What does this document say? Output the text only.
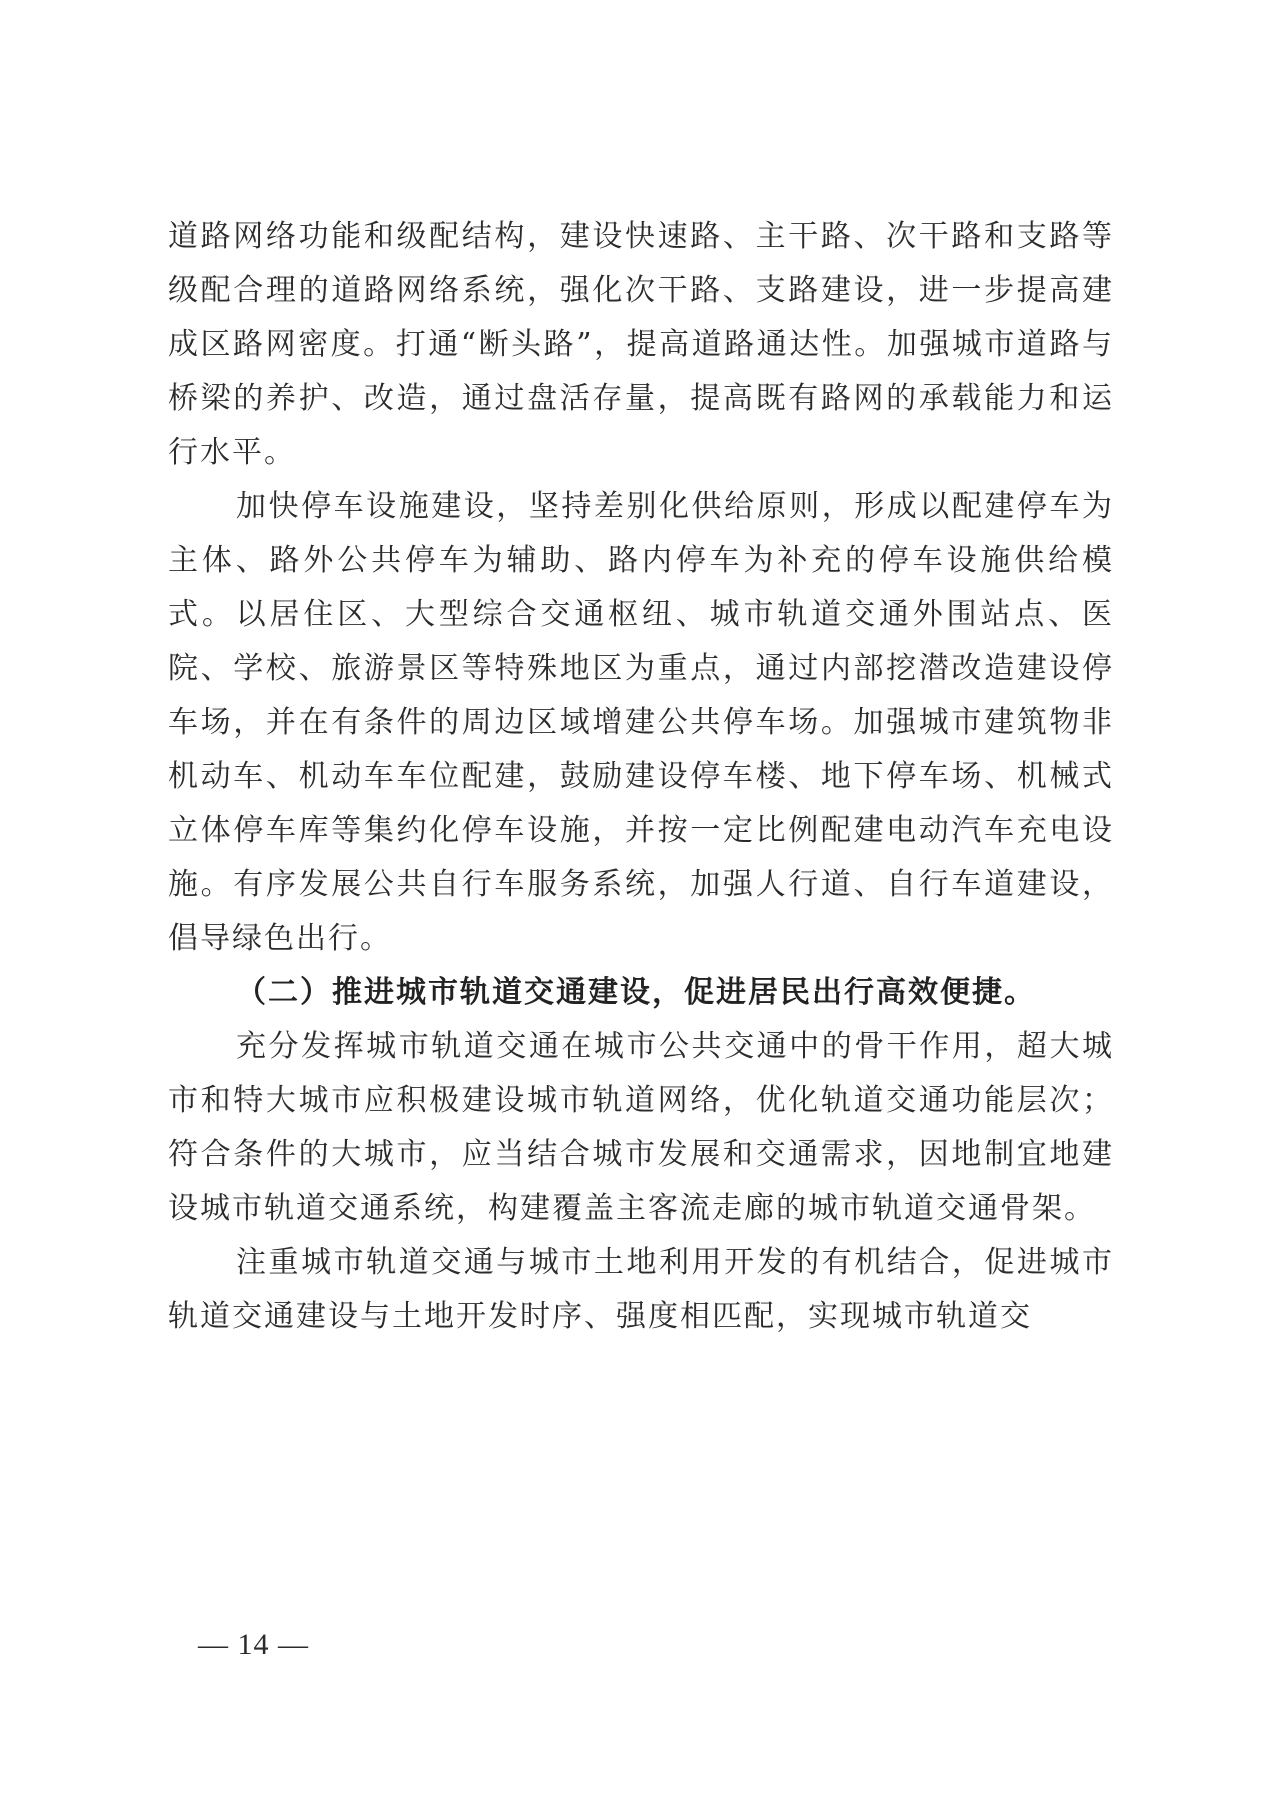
道路网络功能和级配结构，建设快速路、主干路、次干路和支路等级配合理的道路网络系统，强化次干路、支路建设，进一步提高建成区路网密度。打通“断头路”，提高道路通达性。加强城市道路与桥梁的养护、改造，通过盘活存量，提高既有路网的承载能力和运行水平。

加快停车设施建设，坚持差别化供给原则，形成以配建停车为主体、路外公共停车为辅助、路内停车为补充的停车设施供给模式。以居住区、大型综合交通枢纽、城市轨道交通外围站点、医院、学校、旅游景区等特殊地区为重点，通过内部挖潜改造建设停车场，并在有条件的周边区域增建公共停车场。加强城市建筑物非机动车、机动车车位配建，鼓励建设停车楼、地下停车场、机械式立体停车库等集约化停车设施，并按一定比例配建电动汽车充电设施。有序发展公共自行车服务系统，加强人行道、自行车道建设，倡导绿色出行。

（二）推进城市轨道交通建设，促进居民出行高效便捷。

充分发挥城市轨道交通在城市公共交通中的骨干作用，超大城市和特大城市应积极建设城市轨道网络，优化轨道交通功能层次；符合条件的大城市，应当结合城市发展和交通需求，因地制宜地建设城市轨道交通系统，构建覆盖主客流走廊的城市轨道交通骨架。

注重城市轨道交通与城市土地利用开发的有机结合，促进城市轨道交通建设与土地开发时序、强度相匹配，实现城市轨道交

— 14 —
